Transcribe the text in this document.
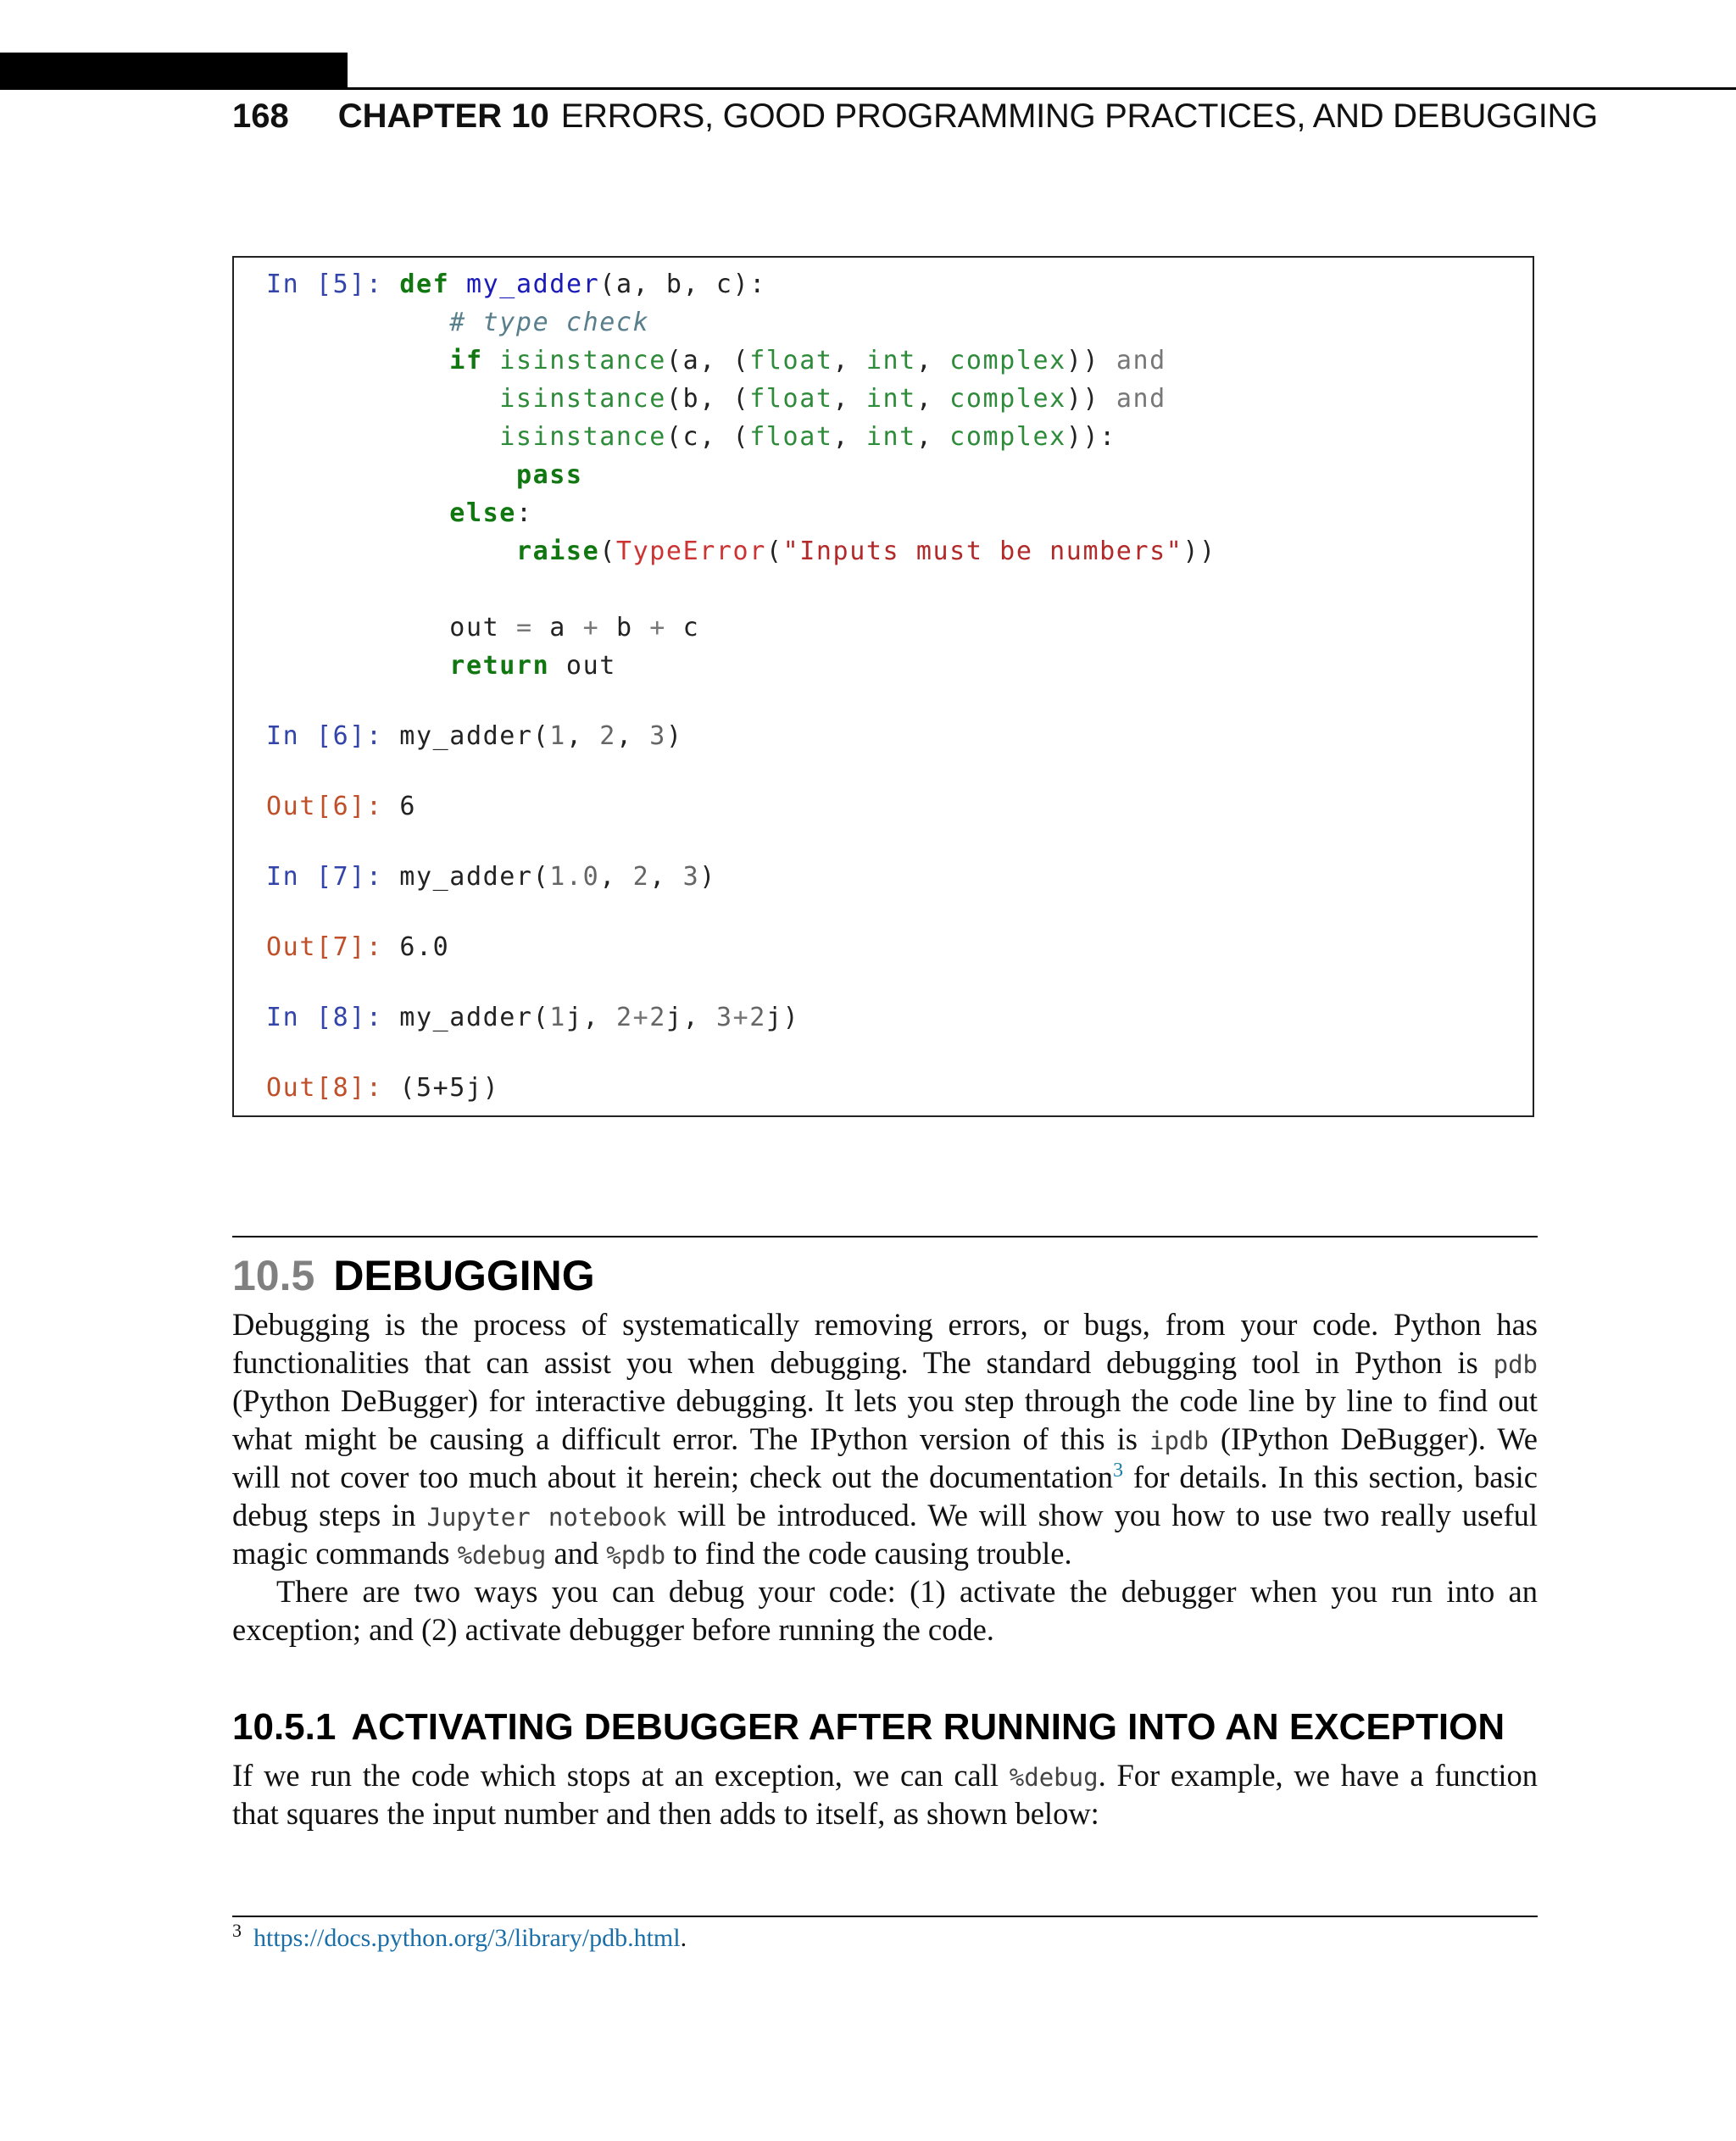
168 CHAPTER 10 ERRORS, GOOD PROGRAMMING PRACTICES, AND DEBUGGING
In [5]: def my_adder(a, b, c):
# type check
if isinstance(a, (float, int, complex)) and
isinstance(b, (float, int, complex)) and
isinstance(c, (float, int, complex)):
pass
else:
raise(TypeError("Inputs must be numbers"))
out = a + b + c
return out
In [6]: my_adder(1, 2, 3)
Out[6]: 6
In [7]: my_adder(1.0, 2, 3)
Out[7]: 6.0
In [8]: my_adder(1j, 2+2j, 3+2j)
Out[8]: (5+5j)
10.5 DEBUGGING
Debugging is the process of systematically removing errors, or bugs, from your code. Python has
functionalities that can assist you when debugging. The standard debugging tool in Python is pdb
(Python DeBugger) for interactive debugging. It lets you step through the code line by line to find out
what might be causing a difficult error. The IPython version of this is ipdb (IPython DeBugger). We
will not cover too much about it herein; check out the documentation$^3$ for details. In this section, basic
debug steps in Jupyter notebook will be introduced. We will show you how to use two really useful
magic commands %debug and %pdb to find the code causing trouble.
There are two ways you can debug your code: (1) activate the debugger when you run into an
exception; and (2) activate debugger before running the code.
10.5.1 ACTIVATING DEBUGGER AFTER RUNNING INTO AN EXCEPTION
If we run the code which stops at an exception, we can call %debug. For example, we have a function
that squares the input number and then adds to itself, as shown below:
$^3$ https://docs.python.org/3/library/pdb.html.
